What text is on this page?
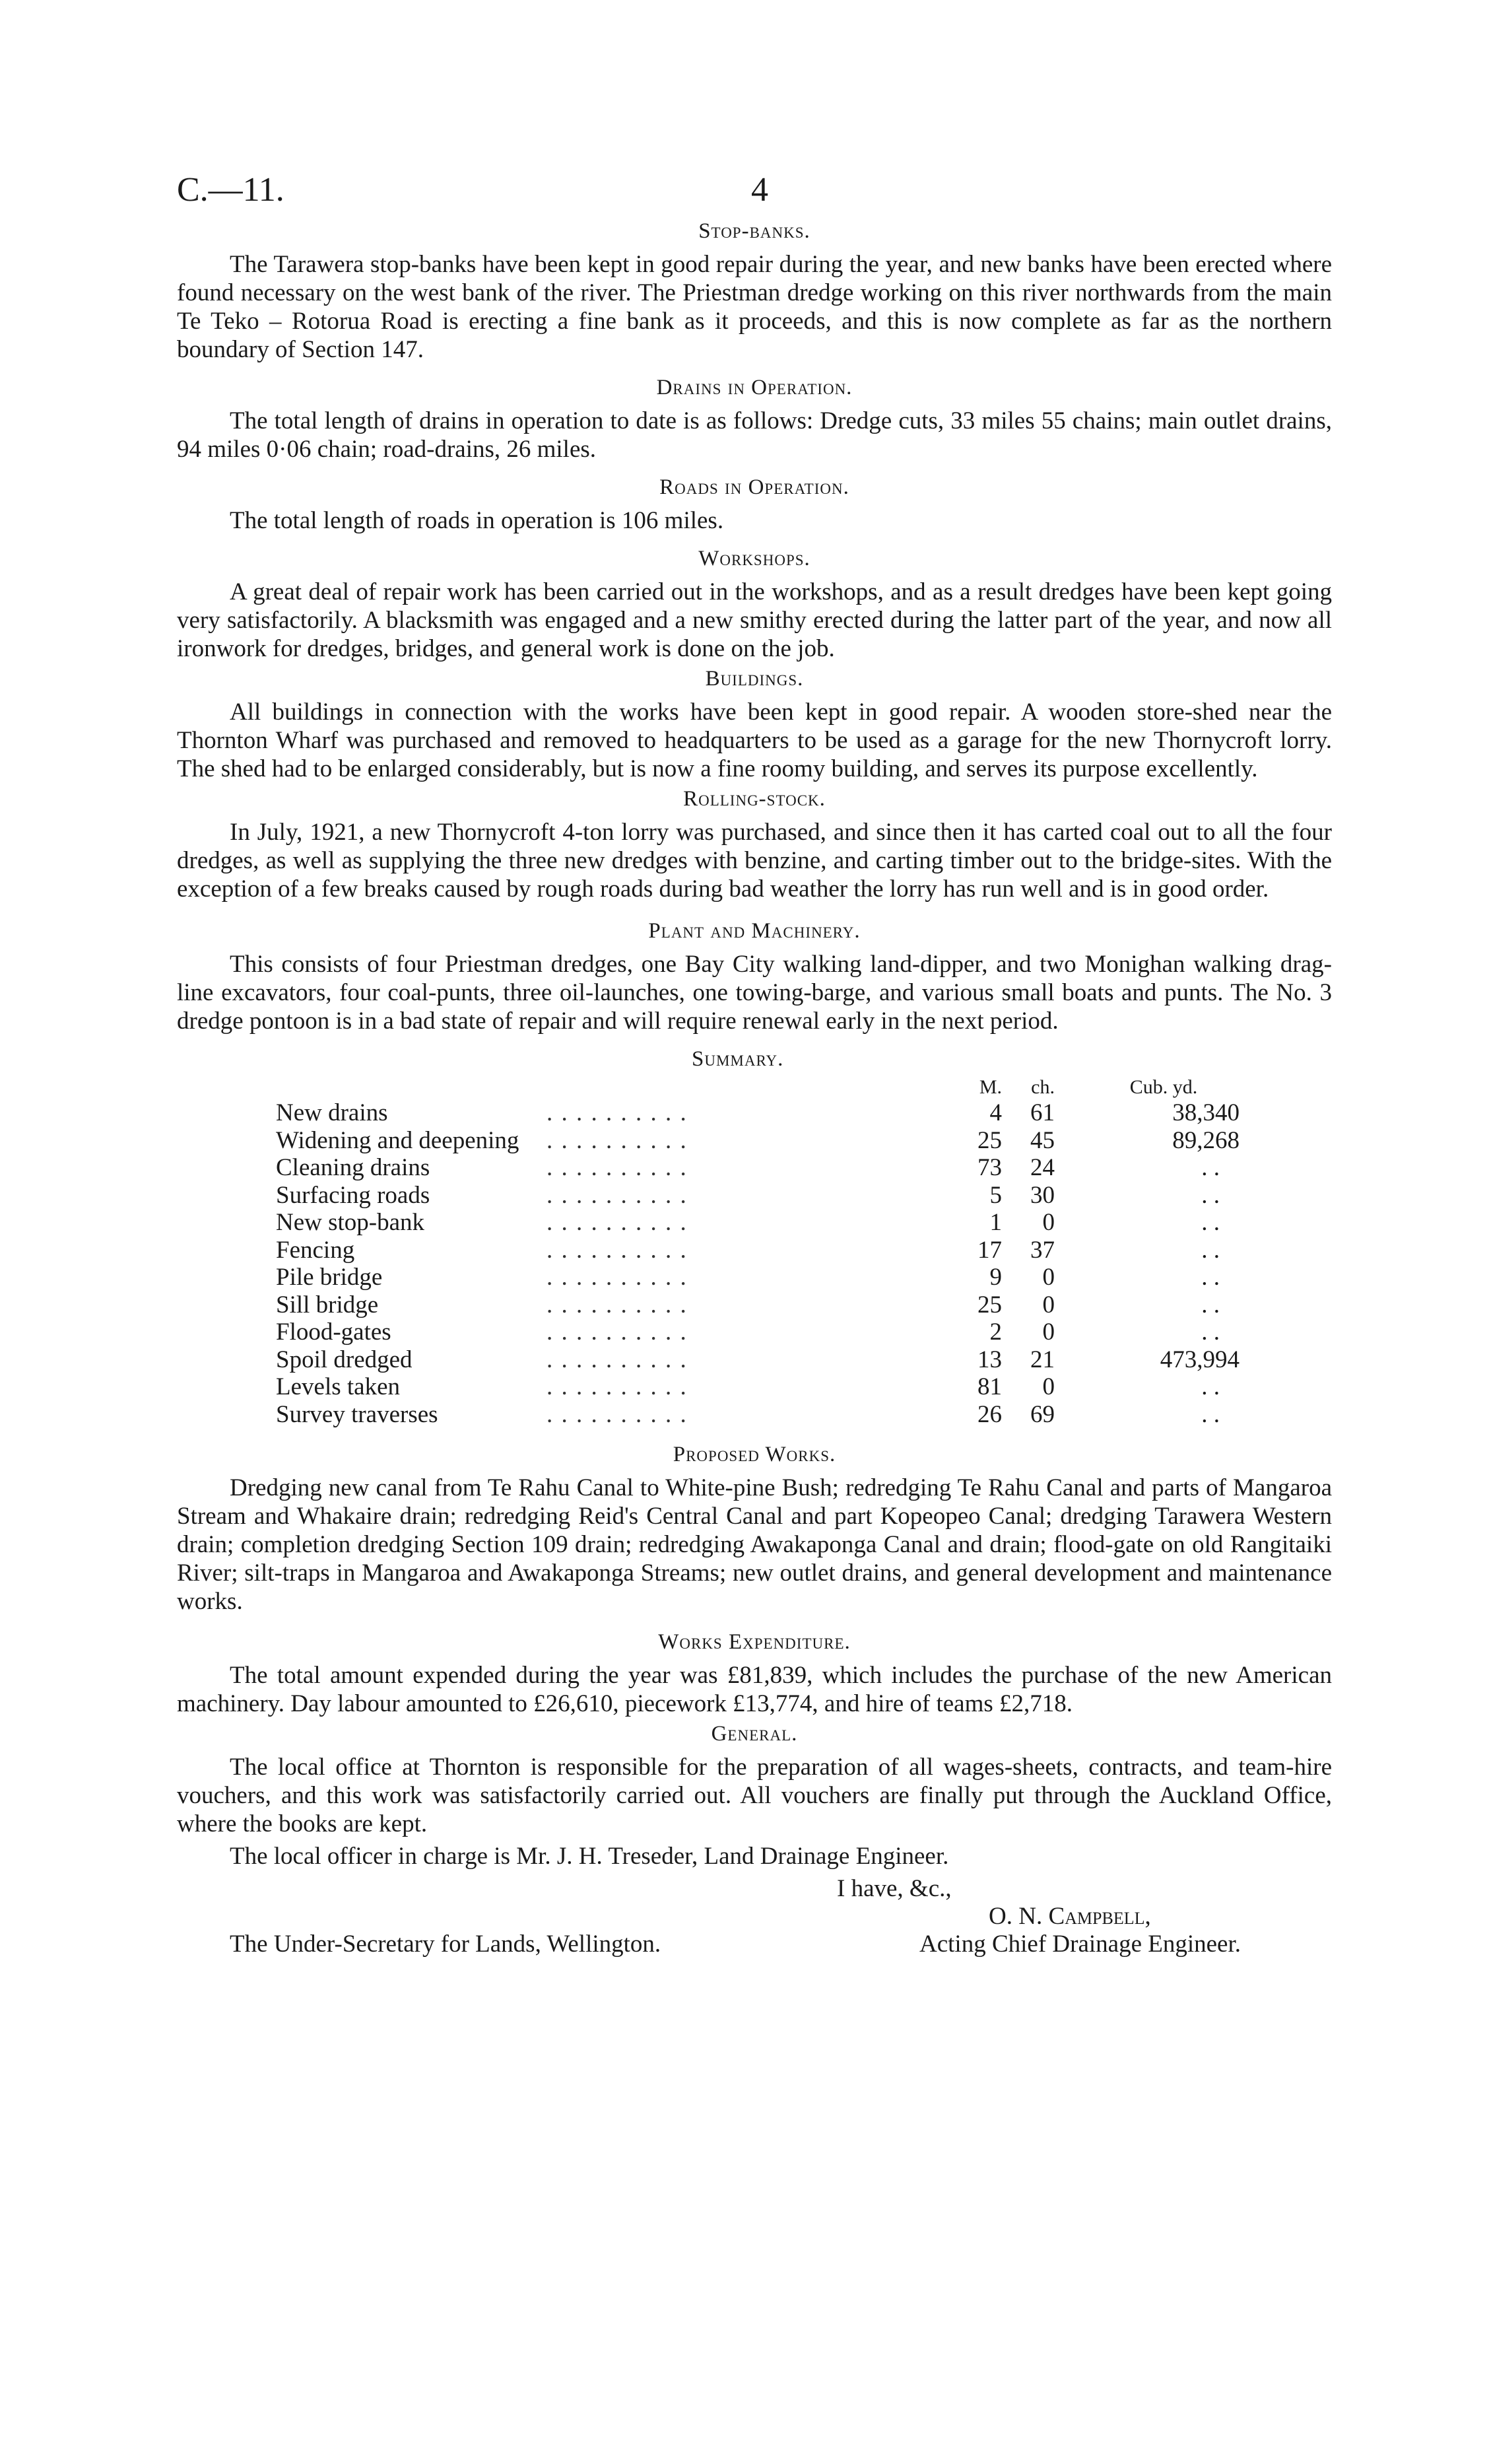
C.—11.	4
Stop-banks.

The Tarawera stop-banks have been kept in good repair during the year, and new banks have been erected where found necessary on the west bank of the river. The Priestman dredge working on this river northwards from the main Te Teko – Rotorua Road is erecting a fine bank as it proceeds, and this is now complete as far as the northern boundary of Section 147.

Drains in Operation.

The total length of drains in operation to date is as follows: Dredge cuts, 33 miles 55 chains; main outlet drains, 94 miles 0·06 chain; road-drains, 26 miles.

Roads in Operation.

The total length of roads in operation is 106 miles.

Workshops.

A great deal of repair work has been carried out in the workshops, and as a result dredges have been kept going very satisfactorily. A blacksmith was engaged and a new smithy erected during the latter part of the year, and now all ironwork for dredges, bridges, and general work is done on the job.

Buildings.

All buildings in connection with the works have been kept in good repair. A wooden store-shed near the Thornton Wharf was purchased and removed to headquarters to be used as a garage for the new Thornycroft lorry. The shed had to be enlarged considerably, but is now a fine roomy building, and serves its purpose excellently.

Rolling-stock.

In July, 1921, a new Thornycroft 4-ton lorry was purchased, and since then it has carted coal out to all the four dredges, as well as supplying the three new dredges with benzine, and carting timber out to the bridge-sites. With the exception of a few breaks caused by rough roads during bad weather the lorry has run well and is in good order.

Plant and Machinery.

This consists of four Priestman dredges, one Bay City walking land-dipper, and two Monighan walking drag-line excavators, four coal-punts, three oil-launches, one towing-barge, and various small boats and punts. The No. 3 dredge pontoon is in a bad state of repair and will require renewal early in the next period.

Summary.
	M.	ch.	Cub. yd.
New drains . . . . . . . . . .	4	61	38,340
Widening and deepening . . . . . . . . . .	25	45	89,268
Cleaning drains . . . . . . . . . .	73	24	. .
Surfacing roads . . . . . . . . . .	5	30	. .
New stop-bank . . . . . . . . . .	1	0	. .
Fencing . . . . . . . . . .	17	37	. .
Pile bridge . . . . . . . . . .	9	0	. .
Sill bridge . . . . . . . . . .	25	0	. .
Flood-gates . . . . . . . . . .	2	0	. .
Spoil dredged . . . . . . . . . .	13	21	473,994
Levels taken . . . . . . . . . .	81	0	. .
Survey traverses . . . . . . . . . .	26	69	. .
Proposed Works.

Dredging new canal from Te Rahu Canal to White-pine Bush; redredging Te Rahu Canal and parts of Mangaroa Stream and Whakaire drain; redredging Reid's Central Canal and part Kopeopeo Canal; dredging Tarawera Western drain; completion dredging Section 109 drain; redredging Awakaponga Canal and drain; flood-gate on old Rangitaiki River; silt-traps in Mangaroa and Awakaponga Streams; new outlet drains, and general development and maintenance works.

Works Expenditure.

The total amount expended during the year was £81,839, which includes the purchase of the new American machinery. Day labour amounted to £26,610, piecework £13,774, and hire of teams £2,718.

General.

The local office at Thornton is responsible for the preparation of all wages-sheets, contracts, and team-hire vouchers, and this work was satisfactorily carried out. All vouchers are finally put through the Auckland Office, where the books are kept.

The local officer in charge is Mr. J. H. Treseder, Land Drainage Engineer.

I have, &c.,
O. N. Campbell,
The Under-Secretary for Lands, Wellington.	Acting Chief Drainage Engineer.
